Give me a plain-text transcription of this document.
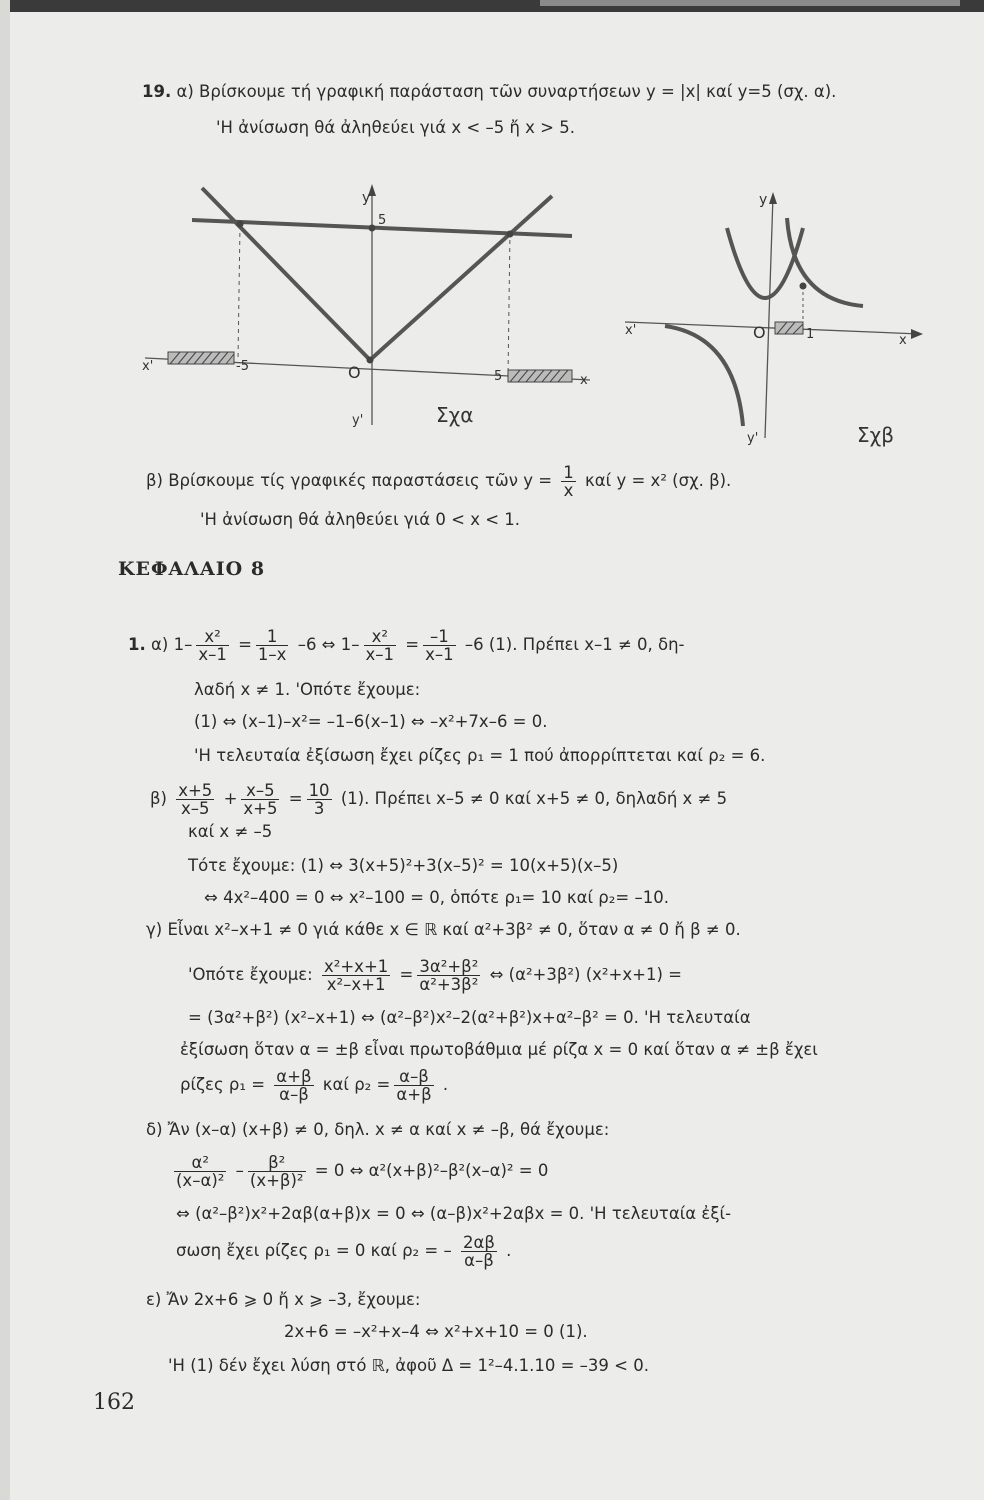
19. α) Βρίσκουμε τή γραφική παράσταση τῶν συναρτήσεων y = |x| καί y=5 (σχ. α).
'Η ἀνίσωση θά ἀληθεύει γιά x < –5 ἤ x > 5.
y
5
x'	-5	O	5	x
y'	Σχα
y
x'	O	1	x
y'	Σχβ
β) Βρίσκουμε τίς γραφικές παραστάσεις τῶν $y = \frac{1}{x}$ καί y = x² (σχ. β).
'Η ἀνίσωση θά ἀληθεύει γιά 0 < x < 1.
ΚΕΦΑΛΑΙΟ 8
1. α) $1- \frac{\text{x²}}{x-1} = \frac{1}{1-x} -6$ ⇔ $1- \frac{\text{x²}}{x-1} = \frac{-1}{x-1} -6$ (1). Πρέπει x–1 ≠ 0, δη-
λαδή x ≠ 1. 'Οπότε ἔχουμε:
(1) ⇔ (x–1)–x²= –1–6(x–1) ⇔ –x²+7x–6 = 0.
'Η τελευταία ἐξίσωση ἔχει ρίζες ρ₁ = 1 πού ἀπορρίπτεται καί ρ₂ = 6.
$\beta) \frac{x+5}{x-5} + \frac{x-5}{x+5} = \frac{10}{3} (1)$. Πρέπει x–5 ≠ 0 καί x+5 ≠ 0, δηλαδή x ≠ 5
καί x ≠ –5
Τότε ἔχουμε: (1) ⇔ 3(x+5)²+3(x–5)² = 10(x+5)(x–5)
⇔ 4x²–400 = 0 ⇔ x²–100 = 0, ὁπότε ρ₁= 10 καί ρ₂= –10.
γ) Εἶναι x²–x+1 ≠ 0 γιά κάθε x ∈ ℝ καί α²+3β² ≠ 0, ὅταν α ≠ 0 ἤ β ≠ 0.
'Οπότε ἔχουμε: $\frac{\text{x²+x+1}}{\text{x²–x+1}} = \frac{\text{3α²+β²}}{\text{α²+3β²}}$ ⇔ (α²+3β²) (x²+x+1) =
= (3α²+β²) (x²–x+1) ⇔ (α²–β²)x²–2(α²+β²)x+α²–β² = 0. 'Η τελευταία
ἐξίσωση ὅταν α = ±β εἶναι πρωτοβάθμια μέ ρίζα x = 0 καί ὅταν α ≠ ±β ἔχει
ρίζες $\rho_1 = \frac{\alpha+\beta}{\alpha-\beta}$ καί $\rho_2 = \frac{\alpha-\beta}{\alpha+\beta}$ .
δ) Ἄν (x–α) (x+β) ≠ 0, δηλ. x ≠ α καί x ≠ –β, θά ἔχουμε:
$\frac{\text{α²}}{\text{(x–α)²}} - \frac{\text{β²}}{\text{(x+β)²}} = 0$ ⇔ α²(x+β)²–β²(x–α)² = 0
⇔ (α²–β²)x²+2αβ(α+β)x = 0 ⇔ (α–β)x²+2αβx = 0. 'Η τελευταία ἐξί-
σωση ἔχει ρίζες ρ₁ = 0 καί ρ₂ = – $\frac{2\alpha\beta}{\alpha-\beta}$ .
ε) Ἄν 2x+6 ⩾ 0 ἤ x ⩾ –3, ἔχουμε:
2x+6 = –x²+x–4 ⇔ x²+x+10 = 0 (1).
'Η (1) δέν ἔχει λύση στό ℝ, ἀφοῦ Δ = 1²–4.1.10 = –39 < 0.
162
